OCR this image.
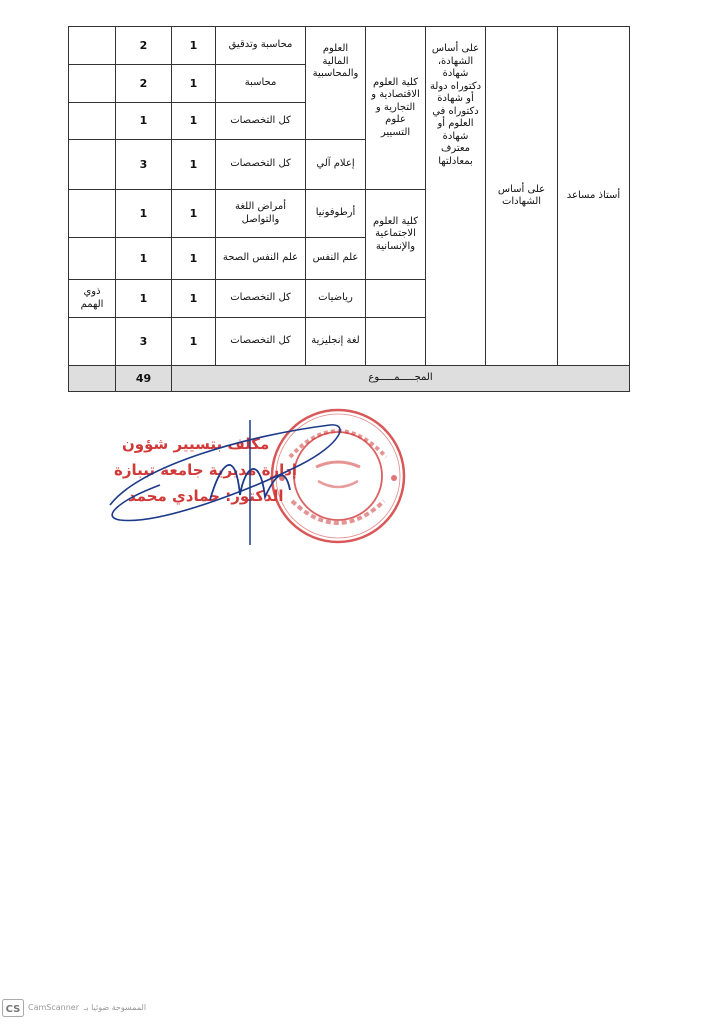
	2	1	محاسبة وتدقيق	العلوم المالية والمحاسبية	كلية العلوم الاقتصادية و التجارية و علوم التسيير	على أساس الشهادة، شهادة دكتوراه دولة أو شهادة دكتوراه في العلوم أو شهادة معترف بمعادلتها	على أساس الشهادات	أستاذ مساعد
	2	1	محاسبة					
	1	1	كل التخصصات					
	3	1	كل التخصصات	إعلام آلي				
	1	1	أمراض اللغة والتواصل	أرطوفونيا	كلية العلوم الاجتماعية والإنسانية			
	1	1	علم النفس الصحة	علم النفس				
ذوي الهمم	1	1	كل التخصصات	رياضيات				
	3	1	كل التخصصات	لغة إنجليزية				
	49	المجـــــمـــــوع						
مكلف بتسيير شؤون
إدارة مديرية جامعة تيبازة
الدكتور: حمادي محمد
CS CamScanner الممسوحة ضوئيا بـ
